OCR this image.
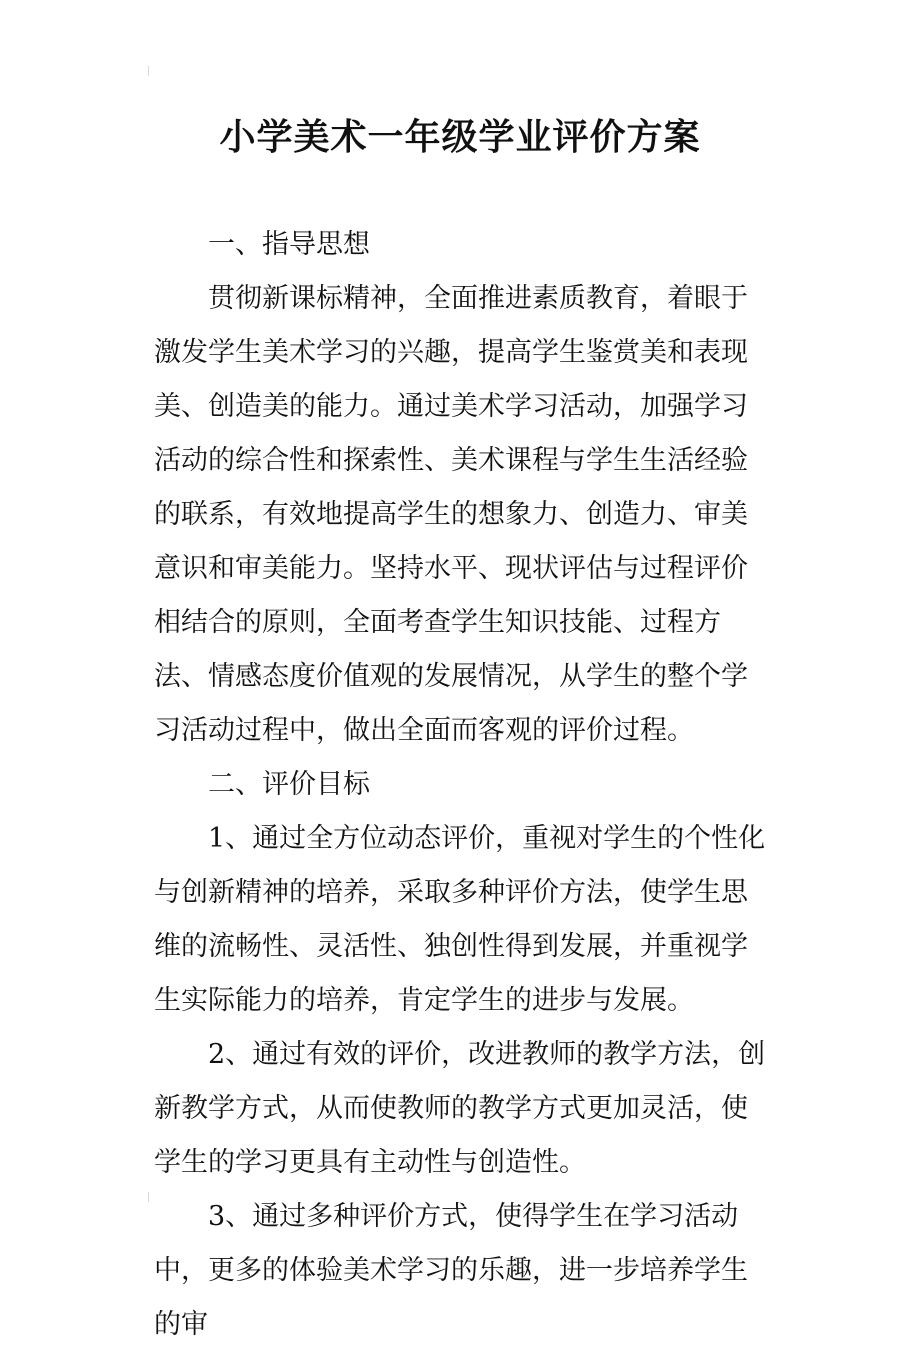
小学美术一年级学业评价方案

一、指导思想

贯彻新课标精神，全面推进素质教育，着眼于激发学生美术学习的兴趣，提高学生鉴赏美和表现美、创造美的能力。通过美术学习活动，加强学习活动的综合性和探索性、美术课程与学生生活经验的联系，有效地提高学生的想象力、创造力、审美意识和审美能力。坚持水平、现状评估与过程评价相结合的原则，全面考查学生知识技能、过程方法、情感态度价值观的发展情况，从学生的整个学习活动过程中，做出全面而客观的评价过程。

二、评价目标

1、通过全方位动态评价，重视对学生的个性化与创新精神的培养，采取多种评价方法，使学生思维的流畅性、灵活性、独创性得到发展，并重视学生实际能力的培养，肯定学生的进步与发展。

2、通过有效的评价，改进教师的教学方法，创新教学方式，从而使教师的教学方式更加灵活，使学生的学习更具有主动性与创造性。

3、通过多种评价方式，使得学生在学习活动中，更多的体验美术学习的乐趣，进一步培养学生的审
